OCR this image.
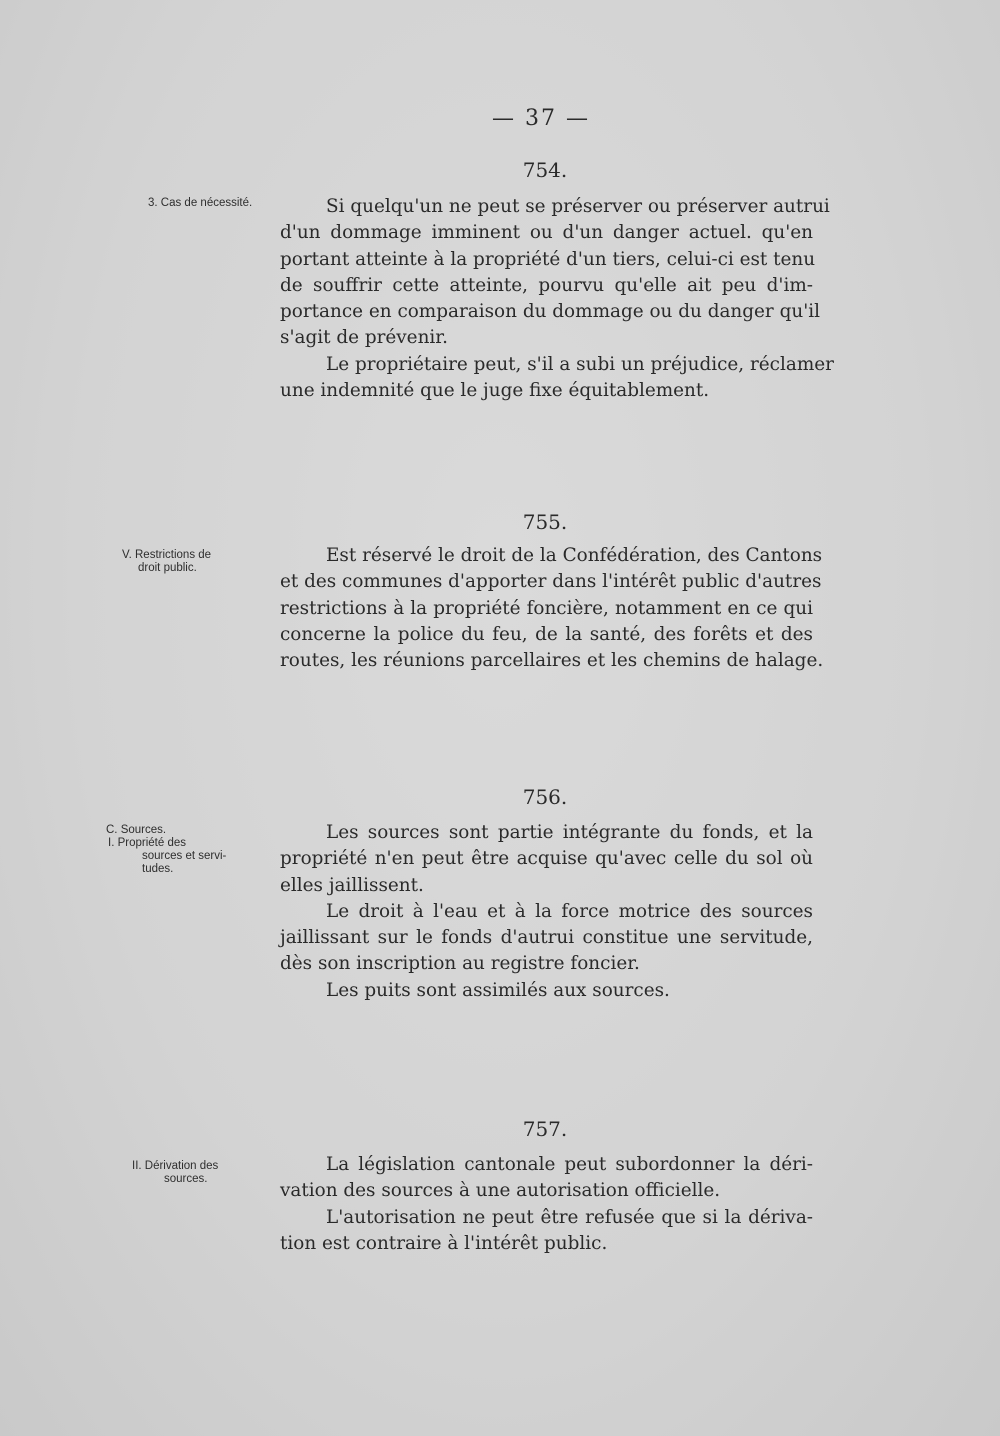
— 37 —
754.
3. Cas de nécessité.	Si quelqu'un ne peut se préserver ou préserver autrui
d'un dommage imminent ou d'un danger actuel. qu'en
portant atteinte à la propriété d'un tiers, celui-ci est tenu
de souffrir cette atteinte, pourvu qu'elle ait peu d'im-
portance en comparaison du dommage ou du danger qu'il
s'agit de prévenir.
Le propriétaire peut, s'il a subi un préjudice, réclamer
une indemnité que le juge fixe équitablement.
755.
V. Restrictions de
droit public.
Est réservé le droit de la Confédération, des Cantons
et des communes d'apporter dans l'intérêt public d'autres
restrictions à la propriété foncière, notamment en ce qui
concerne la police du feu, de la santé, des forêts et des
routes, les réunions parcellaires et les chemins de halage.
756.
C. Sources.
I. Propriété des
sources et servi-
tudes.
Les sources sont partie intégrante du fonds, et la
propriété n'en peut être acquise qu'avec celle du sol où
elles jaillissent.
Le droit à l'eau et à la force motrice des sources
jaillissant sur le fonds d'autrui constitue une servitude,
dès son inscription au registre foncier.
Les puits sont assimilés aux sources.
757.
II. Dérivation des
sources.
La législation cantonale peut subordonner la déri-
vation des sources à une autorisation officielle.
L'autorisation ne peut être refusée que si la dériva-
tion est contraire à l'intérêt public.
